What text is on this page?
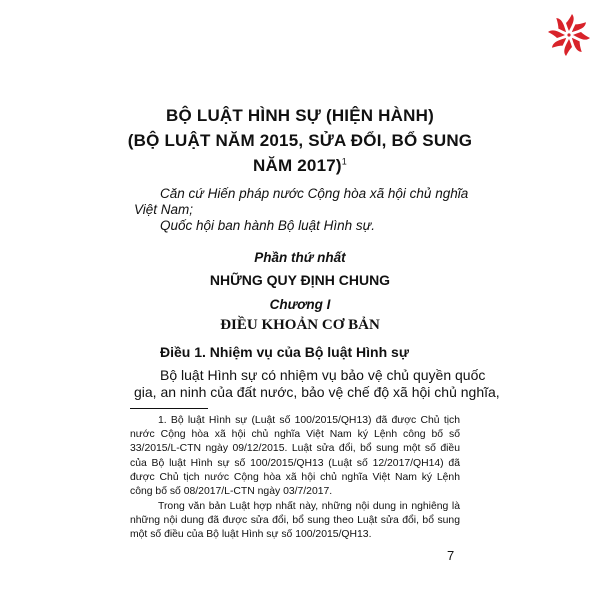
BỘ LUẬT HÌNH SỰ (HIỆN HÀNH)
(BỘ LUẬT NĂM 2015, SỬA ĐỔI, BỔ SUNG
NĂM 2017)$^1$
Căn cứ Hiến pháp nước Cộng hòa xã hội chủ nghĩa
Việt Nam;
Quốc hội ban hành Bộ luật Hình sự.
Phần thứ nhất
NHỮNG QUY ĐỊNH CHUNG
Chương I
ĐIỀU KHOẢN CƠ BẢN
Điều 1. Nhiệm vụ của Bộ luật Hình sự
Bộ luật Hình sự có nhiệm vụ bảo vệ chủ quyền quốc
gia, an ninh của đất nước, bảo vệ chế độ xã hội chủ nghĩa,
1. Bộ luật Hình sự (Luật số 100/2015/QH13) đã được Chủ tịch nước Cộng hòa xã hội chủ nghĩa Việt Nam ký Lệnh công bố số 33/2015/L-CTN ngày 09/12/2015. Luật sửa đổi, bổ sung một số điều của Bộ luật Hình sự số 100/2015/QH13 (Luật số 12/2017/QH14) đã được Chủ tịch nước Cộng hòa xã hội chủ nghĩa Việt Nam ký Lệnh công bố số 08/2017/L-CTN ngày 03/7/2017.
Trong văn bản Luật hợp nhất này, những nội dung in nghiêng là những nội dung đã được sửa đổi, bổ sung theo Luật sửa đổi, bổ sung một số điều của Bộ luật Hình sự số 100/2015/QH13.
7
